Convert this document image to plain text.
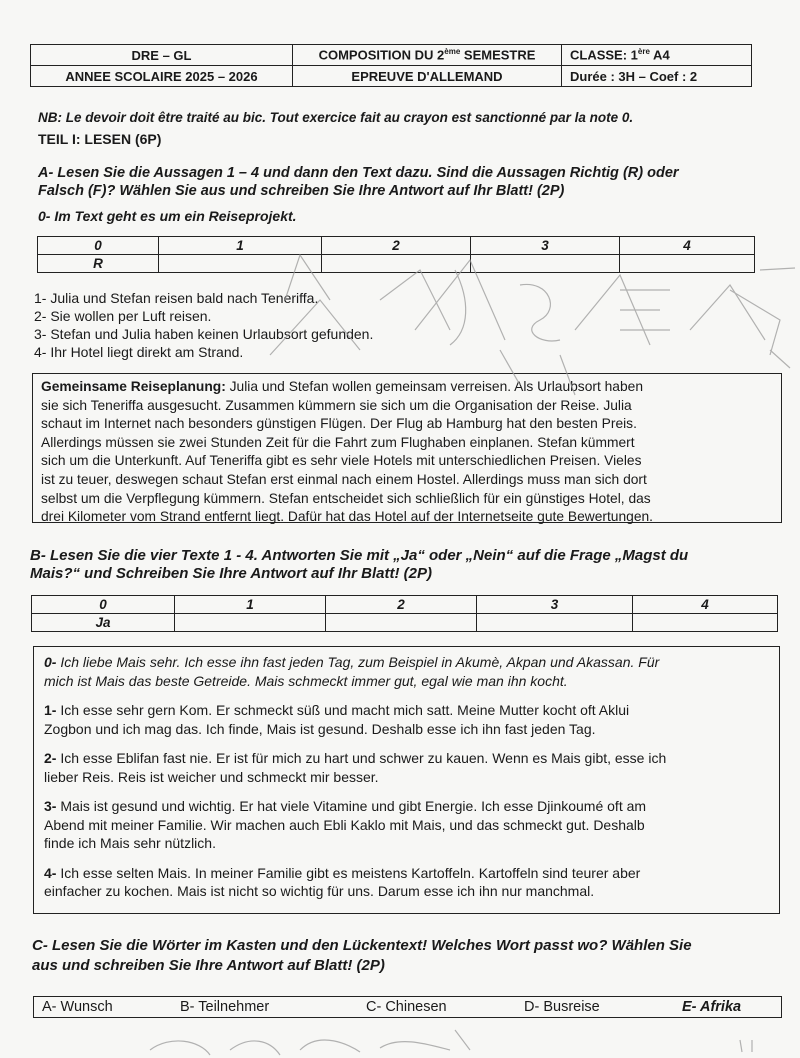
DRE – GL	COMPOSITION DU 2ème SEMESTRE	CLASSE: 1ère A4
ANNEE SCOLAIRE 2025 – 2026	EPREUVE D'ALLEMAND	Durée : 3H – Coef : 2
NB: Le devoir doit être traité au bic. Tout exercice fait au crayon est sanctionné par la note 0.
TEIL I: LESEN (6P)
A- Lesen Sie die Aussagen 1 – 4 und dann den Text dazu. Sind die Aussagen Richtig (R) oder
Falsch (F)? Wählen Sie aus und schreiben Sie Ihre Antwort auf Ihr Blatt! (2P)
0- Im Text geht es um ein Reiseprojekt.
0	1	2	3	4
R				
1- Julia und Stefan reisen bald nach Teneriffa.
2- Sie wollen per Luft reisen.
3- Stefan und Julia haben keinen Urlaubsort gefunden.
4- Ihr Hotel liegt direkt am Strand.
Gemeinsame Reiseplanung: Julia und Stefan wollen gemeinsam verreisen. Als Urlaubsort haben
sie sich Teneriffa ausgesucht. Zusammen kümmern sie sich um die Organisation der Reise. Julia
schaut im Internet nach besonders günstigen Flügen. Der Flug ab Hamburg hat den besten Preis.
Allerdings müssen sie zwei Stunden Zeit für die Fahrt zum Flughaben einplanen. Stefan kümmert
sich um die Unterkunft. Auf Teneriffa gibt es sehr viele Hotels mit unterschiedlichen Preisen. Vieles
ist zu teuer, deswegen schaut Stefan erst einmal nach einem Hostel. Allerdings muss man sich dort
selbst um die Verpflegung kümmern. Stefan entscheidet sich schließlich für ein günstiges Hotel, das
drei Kilometer vom Strand entfernt liegt. Dafür hat das Hotel auf der Internetseite gute Bewertungen.
B- Lesen Sie die vier Texte 1 - 4. Antworten Sie mit „Ja“ oder „Nein“ auf die Frage „Magst du
Mais?“ und Schreiben Sie Ihre Antwort auf Ihr Blatt! (2P)
0	1	2	3	4
Ja				

0- Ich liebe Mais sehr. Ich esse ihn fast jeden Tag, zum Beispiel in Akumè, Akpan und Akassan. Für
mich ist Mais das beste Getreide. Mais schmeckt immer gut, egal wie man ihn kocht.

1- Ich esse sehr gern Kom. Er schmeckt süß und macht mich satt. Meine Mutter kocht oft Aklui
Zogbon und ich mag das. Ich finde, Mais ist gesund. Deshalb esse ich ihn fast jeden Tag.

2- Ich esse Eblifan fast nie. Er ist für mich zu hart und schwer zu kauen. Wenn es Mais gibt, esse ich
lieber Reis. Reis ist weicher und schmeckt mir besser.

3- Mais ist gesund und wichtig. Er hat viele Vitamine und gibt Energie. Ich esse Djinkoumé oft am
Abend mit meiner Familie. Wir machen auch Ebli Kaklo mit Mais, und das schmeckt gut. Deshalb
finde ich Mais sehr nützlich.

4- Ich esse selten Mais. In meiner Familie gibt es meistens Kartoffeln. Kartoffeln sind teurer aber
einfacher zu kochen. Mais ist nicht so wichtig für uns. Darum esse ich ihn nur manchmal.

C- Lesen Sie die Wörter im Kasten und den Lückentext! Welches Wort passt wo? Wählen Sie
aus und schreiben Sie Ihre Antwort auf Blatt! (2P)
A- Wunsch	B- Teilnehmer	C- Chinesen	D- Busreise	E- Afrika
